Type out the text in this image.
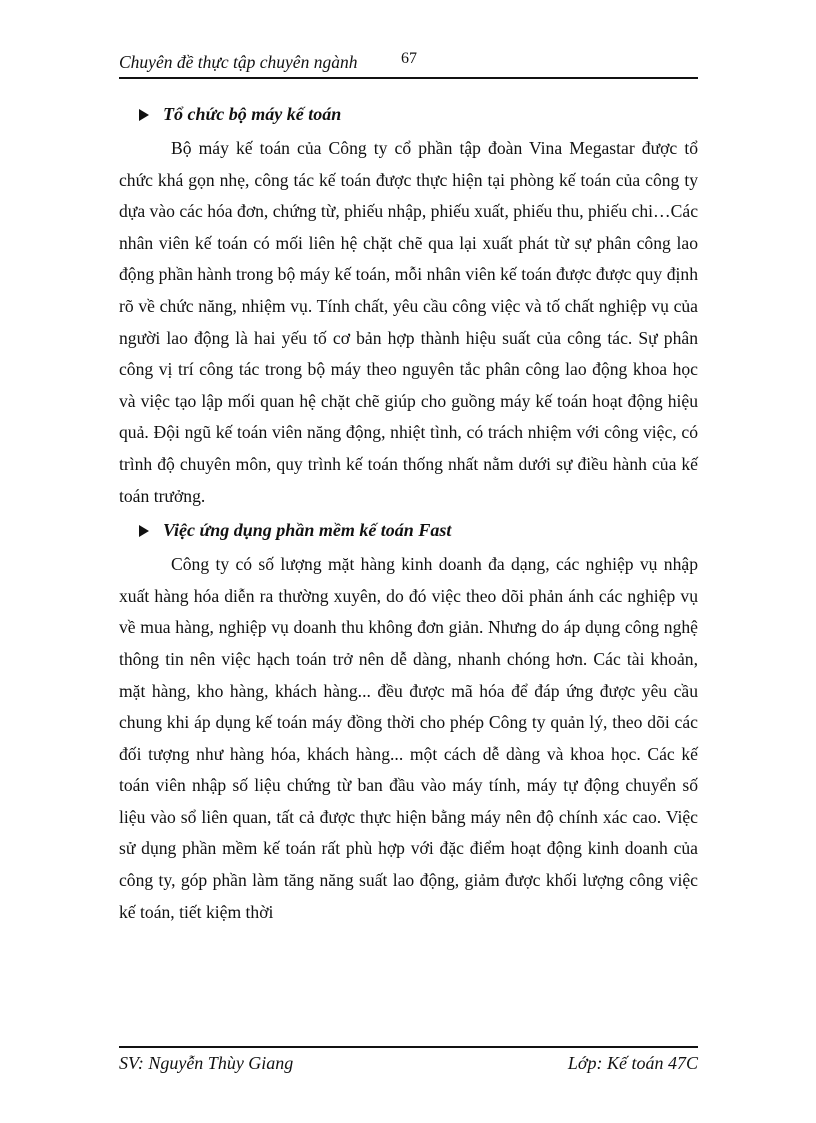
Chuyên đề thực tập chuyên ngành	67
Tổ chức bộ máy kế toán

Bộ máy kế toán của Công ty cổ phần tập đoàn Vina Megastar được tổ chức khá gọn nhẹ, công tác kế toán được thực hiện tại phòng kế toán của công ty dựa vào các hóa đơn, chứng từ, phiếu nhập, phiếu xuất, phiếu thu, phiếu chi…Các nhân viên kế toán có mối liên hệ chặt chẽ qua lại xuất phát từ sự phân công lao động phần hành trong bộ máy kế toán, mỗi nhân viên kế toán được được quy định rõ về chức năng, nhiệm vụ. Tính chất, yêu cầu công việc và tố chất nghiệp vụ của người lao động là hai yếu tố cơ bản hợp thành hiệu suất của công tác. Sự phân công vị trí công tác trong bộ máy theo nguyên tắc phân công lao động khoa học và việc tạo lập mối quan hệ chặt chẽ giúp cho guồng máy kế toán hoạt động hiệu quả. Đội ngũ kế toán viên năng động, nhiệt tình, có trách nhiệm với công việc, có trình độ chuyên môn, quy trình kế toán thống nhất nằm dưới sự điều hành của kế toán trưởng.

Việc ứng dụng phần mềm kế toán Fast

Công ty có số lượng mặt hàng kinh doanh đa dạng, các nghiệp vụ nhập xuất hàng hóa diễn ra thường xuyên, do đó việc theo dõi phản ánh các nghiệp vụ về mua hàng, nghiệp vụ doanh thu không đơn giản. Nhưng do áp dụng công nghệ thông tin nên việc hạch toán trở nên dễ dàng, nhanh chóng hơn. Các tài khoản, mặt hàng, kho hàng, khách hàng... đều được mã hóa để đáp ứng được yêu cầu chung khi áp dụng kế toán máy đồng thời cho phép Công ty quản lý, theo dõi các đối tượng như hàng hóa, khách hàng... một cách dễ dàng và khoa học. Các kế toán viên nhập số liệu chứng từ ban đầu vào máy tính, máy tự động chuyển số liệu vào sổ liên quan, tất cả được thực hiện bằng máy nên độ chính xác cao. Việc sử dụng phần mềm kế toán rất phù hợp với đặc điểm hoạt động kinh doanh của công ty, góp phần làm tăng năng suất lao động, giảm được khối lượng công việc kế toán, tiết kiệm thời

SV: Nguyễn Thùy Giang	Lớp: Kế toán 47C
